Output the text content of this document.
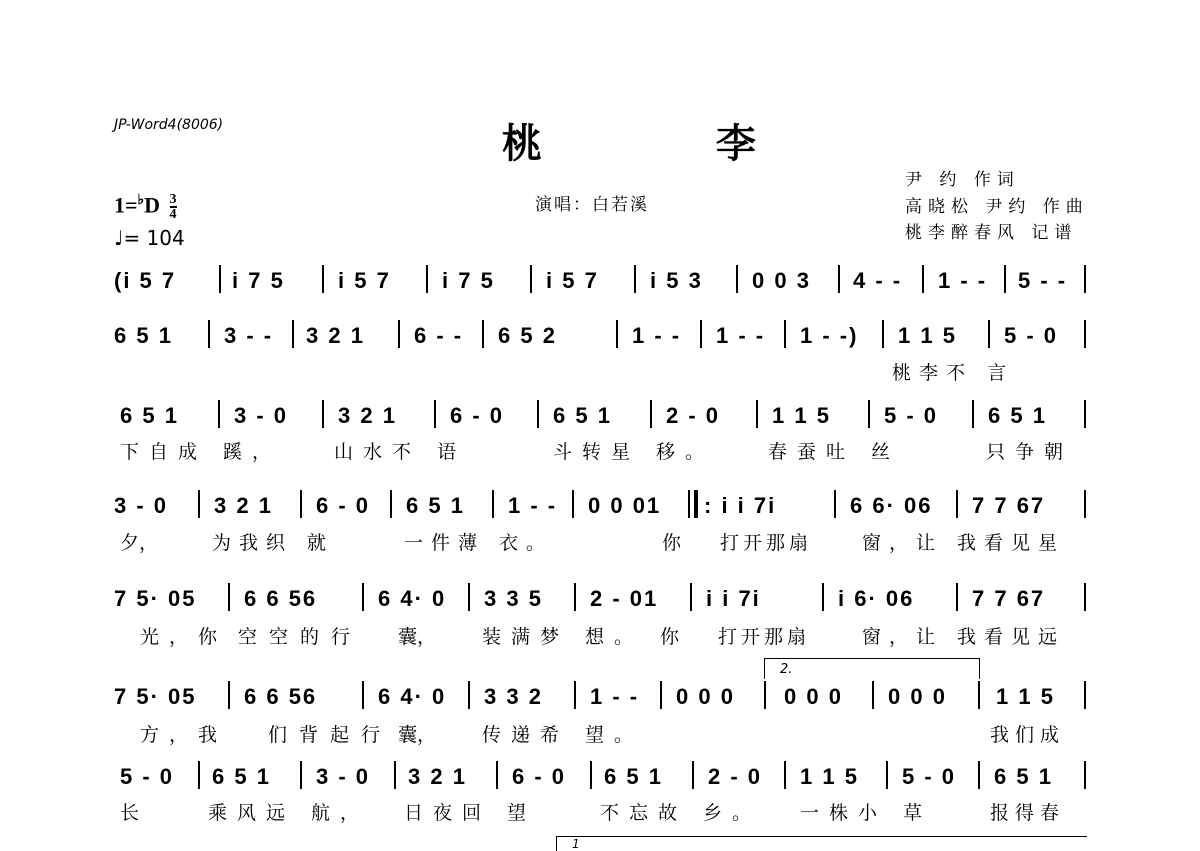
JP-Word4(8006)	桃 李
尹 约 作词
高晓松 尹约 作曲
桃李醉春风 记谱
演唱：白若溪
$1=^♭D \frac{3}{4}$
♩= 104
(i 5 7	i 7 5 i 5 7 i 7 5 i 5 7 i 5 3 0 0 3 4 - - 1 - - 5 - -
6 5 1 3 - - 3 2 1 6 - - 6 5 2	1 - - 1 - - 1 - -) 1 1 5 5 - 0
桃李不 言
6 5 1	3 - 0 3 2 1 6 - 0 6 5 1 2 - 0 1 1 5 5 - 0 6 5 1
下自成 蹊，	山水不 语	斗转星 移。	春蚕吐 丝	只争朝
3 - 0 3 2 1 6 - 0 6 5 1 1 - - 0 0 01 : i i 7i	6 6· 06 7 7 67
夕，	为我织 就	一件薄 衣。	你 打开那扇	窗，让 我看见星
7 5· 05 6 6 56	6 4· 0 3 3 5 2 - 01 i i 7i	i 6· 06	7 7 67
光，你 空空的行 囊， 装满梦 想。 你 打开那扇	窗，让 我看见远
2.
7 5· 05 6 6 56	6 4· 0 3 3 2 1 - - 0 0 0 0 0 0 0 0 0 1 1 5
方，我 们背起行 囊， 传递希 望。	我们成
5 - 0 6 5 1 3 - 0 3 2 1 6 - 0 6 5 1 2 - 0 1 1 5 5 - 0 6 5 1
长	乘风远 航， 日夜回 望	不忘故 乡。 一株小 草	报得春
1
